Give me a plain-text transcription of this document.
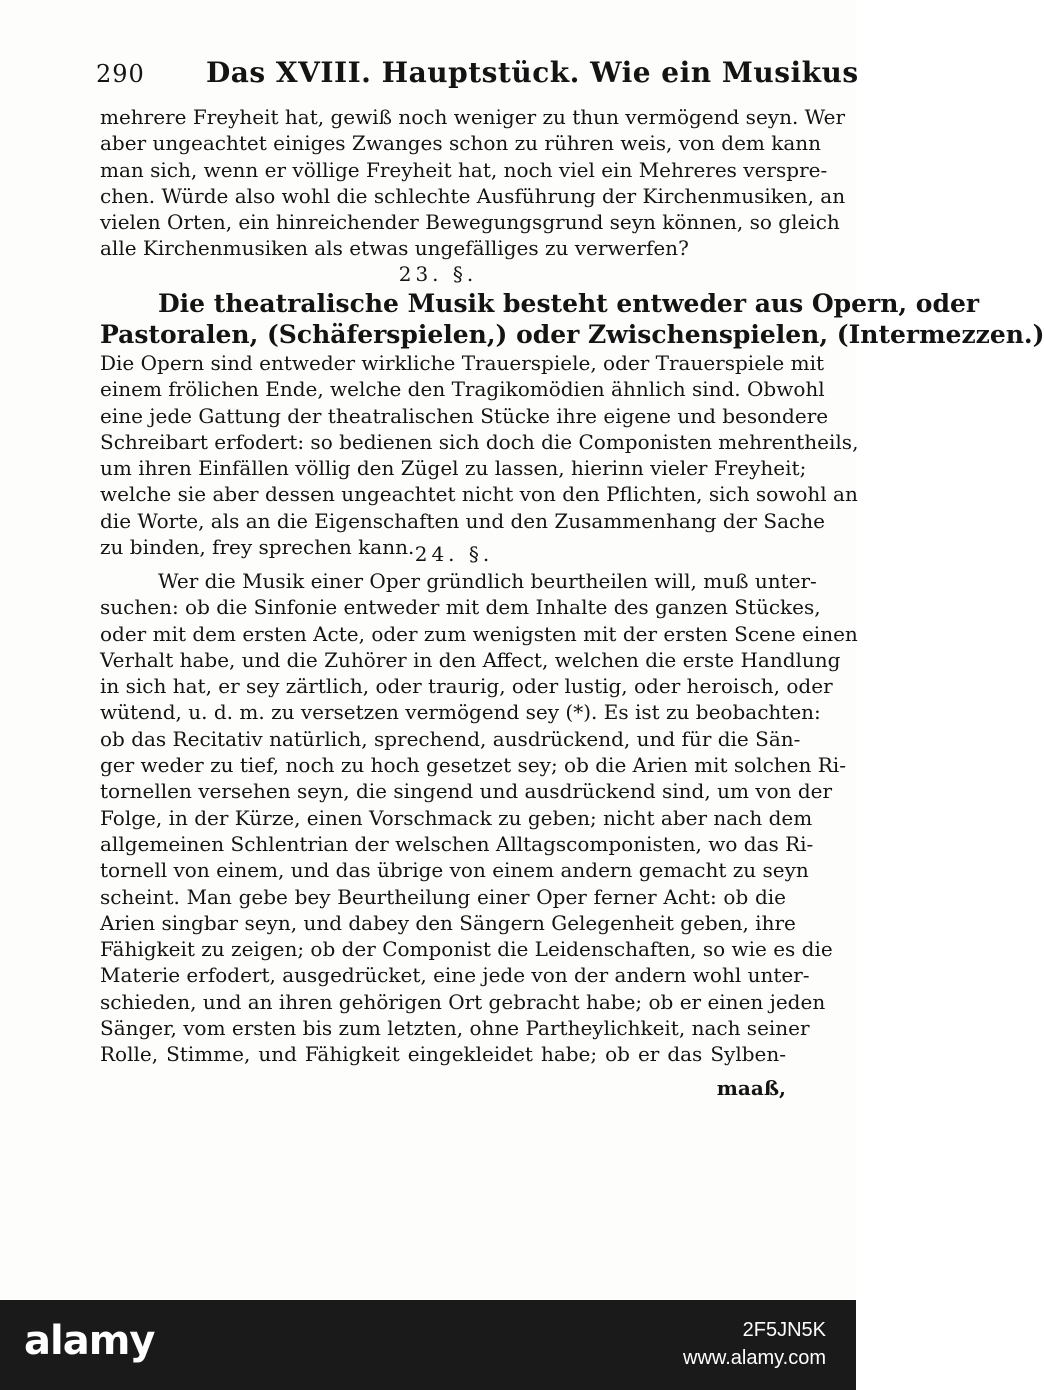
290 Das XVIII. Hauptstück. Wie ein Musikus
mehrere Freyheit hat, gewiß noch weniger zu thun vermögend seyn. Wer
aber ungeachtet einiges Zwanges schon zu rühren weis, von dem kann
man sich, wenn er völlige Freyheit hat, noch viel ein Mehreres verspre-
chen. Würde also wohl die schlechte Ausführung der Kirchenmusiken, an
vielen Orten, ein hinreichender Bewegungsgrund seyn können, so gleich
alle Kirchenmusiken als etwas ungefälliges zu verwerfen?
23. §.
Die theatralische Musik besteht entweder aus Opern, oder
Pastoralen, (Schäferspielen,) oder Zwischenspielen, (Intermezzen.)
Die Opern sind entweder wirkliche Trauerspiele, oder Trauerspiele mit
einem frölichen Ende, welche den Tragikomödien ähnlich sind. Obwohl
eine jede Gattung der theatralischen Stücke ihre eigene und besondere
Schreibart erfodert: so bedienen sich doch die Componisten mehrentheils,
um ihren Einfällen völlig den Zügel zu lassen, hierinn vieler Freyheit;
welche sie aber dessen ungeachtet nicht von den Pflichten, sich sowohl an
die Worte, als an die Eigenschaften und den Zusammenhang der Sache
zu binden, frey sprechen kann. 24. §.
Wer die Musik einer Oper gründlich beurtheilen will, muß unter-
suchen: ob die Sinfonie entweder mit dem Inhalte des ganzen Stückes,
oder mit dem ersten Acte, oder zum wenigsten mit der ersten Scene einen
Verhalt habe, und die Zuhörer in den Affect, welchen die erste Handlung
in sich hat, er sey zärtlich, oder traurig, oder lustig, oder heroisch, oder
wütend, u. d. m. zu versetzen vermögend sey (*). Es ist zu beobachten:
ob das Recitativ natürlich, sprechend, ausdrückend, und für die Sän-
ger weder zu tief, noch zu hoch gesetzet sey; ob die Arien mit solchen Ri-
tornellen versehen seyn, die singend und ausdrückend sind, um von der
Folge, in der Kürze, einen Vorschmack zu geben; nicht aber nach dem
allgemeinen Schlentrian der welschen Alltagscomponisten, wo das Ri-
tornell von einem, und das übrige von einem andern gemacht zu seyn
scheint. Man gebe bey Beurtheilung einer Oper ferner Acht: ob die
Arien singbar seyn, und dabey den Sängern Gelegenheit geben, ihre
Fähigkeit zu zeigen; ob der Componist die Leidenschaften, so wie es die
Materie erfodert, ausgedrücket, eine jede von der andern wohl unter-
schieden, und an ihren gehörigen Ort gebracht habe; ob er einen jeden
Sänger, vom ersten bis zum letzten, ohne Partheylichkeit, nach seiner
Rolle, Stimme, und Fähigkeit eingekleidet habe; ob er das Sylben-
maaß,
alamy	2F5JN5K
www.alamy.com
